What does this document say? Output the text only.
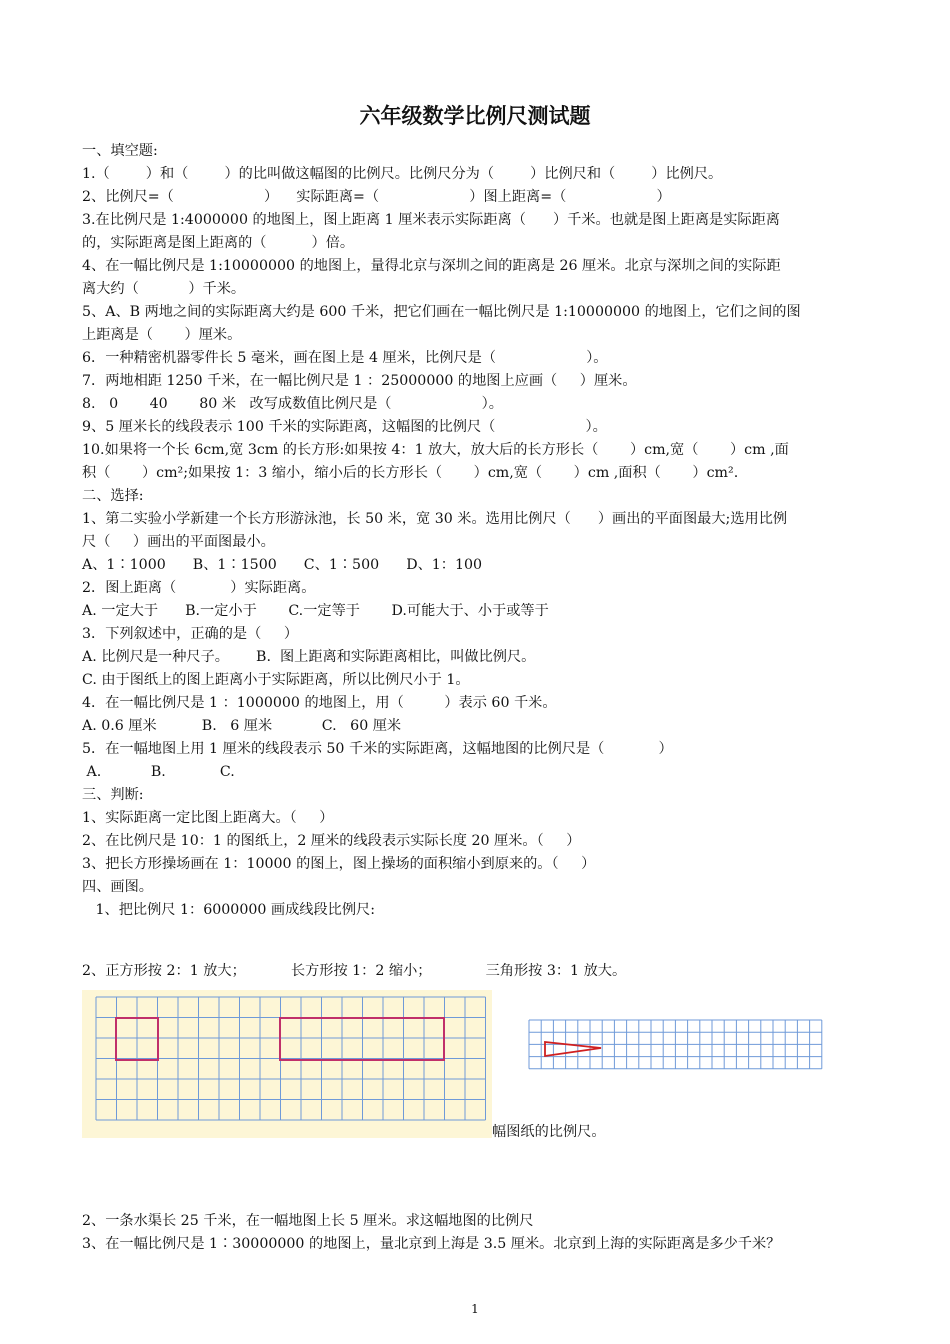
六年级数学比例尺测试题
一、填空题:
1.（        ）和（        ）的比叫做这幅图的比例尺。比例尺分为（        ）比例尺和（        ）比例尺。
2、比例尺=（                    ）    实际距离=（                    ）图上距离=（                    ）
3.在比例尺是 1:4000000 的地图上，图上距离 1 厘米表示实际距离（      ）千米。也就是图上距离是实际距离
的，实际距离是图上距离的（          ）倍。
4、在一幅比例尺是 1:10000000 的地图上，量得北京与深圳之间的距离是 26 厘米。北京与深圳之间的实际距
离大约（           ）千米。
5、A、B 两地之间的实际距离大约是 600 千米，把它们画在一幅比例尺是 1:10000000 的地图上，它们之间的图
上距离是（       ）厘米。
6．一种精密机器零件长 5 毫米，画在图上是 4 厘米，比例尺是（                    ）。
7．两地相距 1250 千米，在一幅比例尺是 1 ：25000000 的地图上应画（     ）厘米。
8.   0       40       80 米   改写成数值比例尺是（                    ）。
9、5 厘米长的线段表示 100 千米的实际距离，这幅图的比例尺（                    ）。
10.如果将一个长 6cm,宽 3cm 的长方形:如果按 4：1 放大，放大后的长方形长（       ）cm,宽（       ）cm ,面
积（       ）cm²;如果按 1：3 缩小，缩小后的长方形长（       ）cm,宽（       ）cm ,面积（       ）cm².
二、选择:
1、第二实验小学新建一个长方形游泳池，长 50 米，宽 30 米。选用比例尺（      ）画出的平面图最大;选用比例
尺（     ）画出的平面图最小。
A、1∶1000      B、1∶1500      C、1∶500      D、1：100
2．图上距离（            ）实际距离。
A. 一定大于      B.一定小于       C.一定等于       D.可能大于、小于或等于
3．下列叙述中，正确的是（     ）
A. 比例尺是一种尺子。      B.  图上距离和实际距离相比，叫做比例尺。
C. 由于图纸上的图上距离小于实际距离，所以比例尺小于 1。
4．在一幅比例尺是 1 ：1000000 的地图上，用（         ）表示 60 千米。
A. 0.6 厘米          B.   6 厘米           C.   60 厘米
5．在一幅地图上用 1 厘米的线段表示 50 千米的实际距离，这幅地图的比例尺是（            ）
A.           B.            C.
三、判断:
1、实际距离一定比图上距离大。（     ）
2、在比例尺是 10：1 的图纸上，2 厘米的线段表示实际长度 20 厘米。（     ）
3、把长方形操场画在 1：10000 的图上，图上操场的面积缩小到原来的。（     ）
四、画图。
1、把比例尺 1：6000000 画成线段比例尺:
2、正方形按 2：1 放大；          长方形按 1：2 缩小；            三角形按 3：1 放大。
幅图纸的比例尺。
2、一条水渠长 25 千米，在一幅地图上长 5 厘米。求这幅地图的比例尺
3、在一幅比例尺是 1∶30000000 的地图上，量北京到上海是 3.5 厘米。北京到上海的实际距离是多少千米？
1
